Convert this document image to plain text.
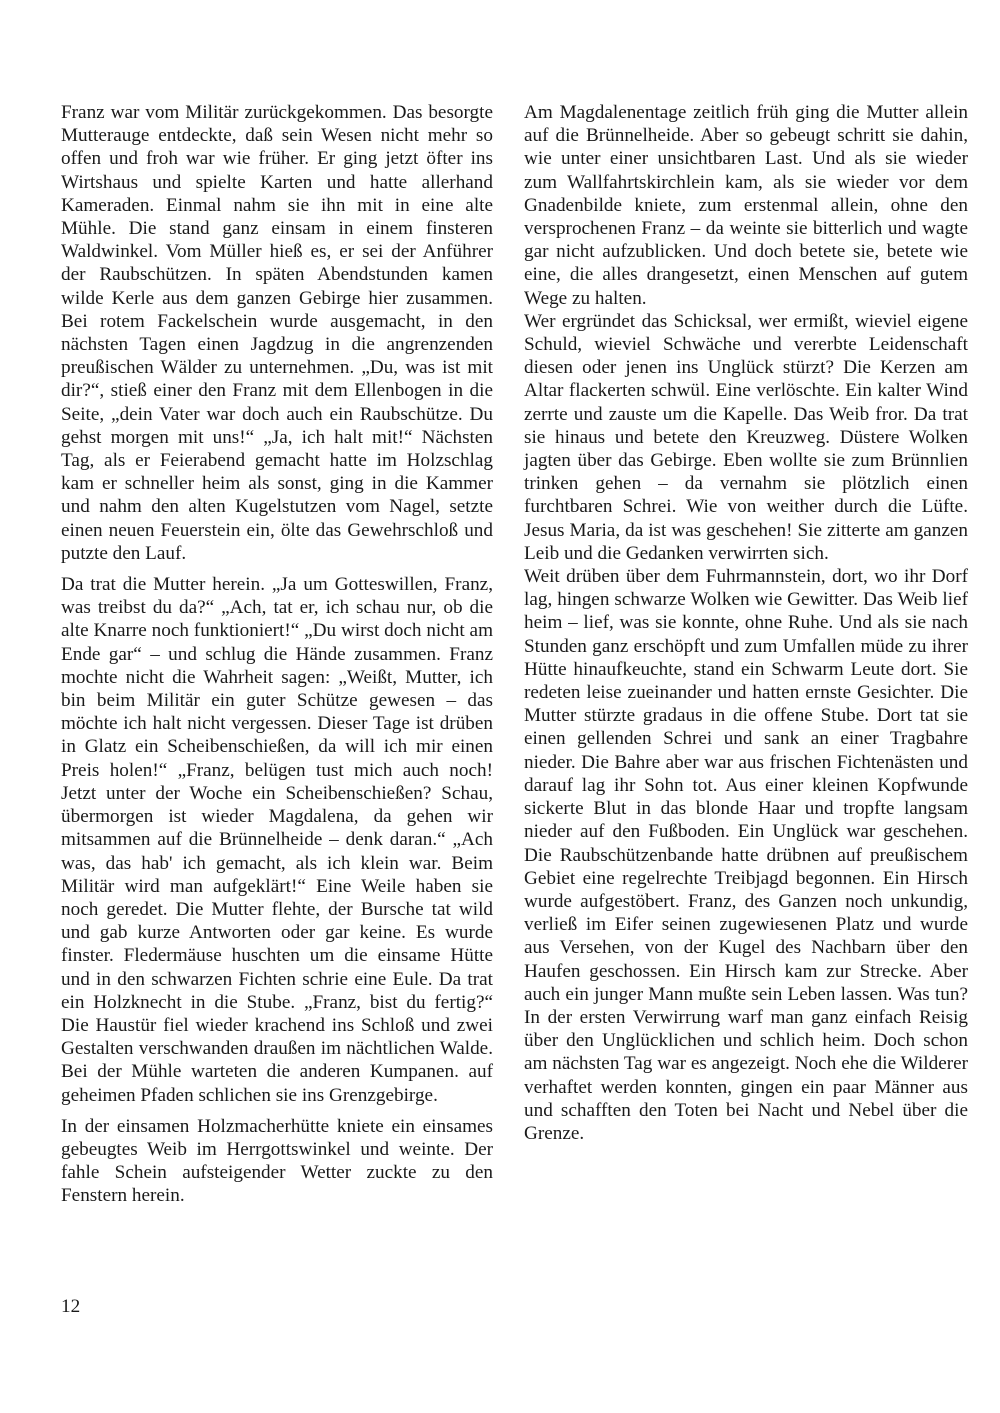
Franz war vom Militär zurückgekommen. Das besorgte Mutterauge entdeckte, daß sein Wesen nicht mehr so offen und froh war wie früher. Er ging jetzt öfter ins Wirtshaus und spielte Karten und hatte allerhand Kameraden. Einmal nahm sie ihn mit in eine alte Mühle. Die stand ganz einsam in einem finsteren Waldwinkel. Vom Müller hieß es, er sei der Anführer der Raubschützen. In späten Abendstunden kamen wilde Kerle aus dem ganzen Gebirge hier zusammen. Bei rotem Fackelschein wurde ausgemacht, in den nächsten Tagen einen Jagdzug in die angrenzenden preußischen Wälder zu unternehmen. „Du, was ist mit dir?“, stieß einer den Franz mit dem Ellenbogen in die Seite, „dein Vater war doch auch ein Raubschütze. Du gehst morgen mit uns!“ „Ja, ich halt mit!“ Nächsten Tag, als er Feierabend gemacht hatte im Holzschlag kam er schneller heim als sonst, ging in die Kammer und nahm den alten Kugelstutzen vom Nagel, setzte einen neuen Feuerstein ein, ölte das Gewehrschloß und putzte den Lauf.

Da trat die Mutter herein. „Ja um Gotteswillen, Franz, was treibst du da?“ „Ach, tat er, ich schau nur, ob die alte Knarre noch funktioniert!“ „Du wirst doch nicht am Ende gar“ – und schlug die Hände zusammen. Franz mochte nicht die Wahrheit sagen: „Weißt, Mutter, ich bin beim Militär ein guter Schütze gewesen – das möchte ich halt nicht vergessen. Dieser Tage ist drüben in Glatz ein Scheibenschießen, da will ich mir einen Preis holen!“ „Franz, belügen tust mich auch noch! Jetzt unter der Woche ein Scheibenschießen? Schau, übermorgen ist wieder Magdalena, da gehen wir mitsammen auf die Brünnelheide – denk daran.“ „Ach was, das hab' ich gemacht, als ich klein war. Beim Militär wird man aufgeklärt!“ Eine Weile haben sie noch geredet. Die Mutter flehte, der Bursche tat wild und gab kurze Antworten oder gar keine. Es wurde finster. Fledermäuse huschten um die einsame Hütte und in den schwarzen Fichten schrie eine Eule. Da trat ein Holzknecht in die Stube. „Franz, bist du fertig?“ Die Haustür fiel wieder krachend ins Schloß und zwei Gestalten verschwanden draußen im nächtlichen Walde. Bei der Mühle warteten die anderen Kumpanen. auf geheimen Pfaden schlichen sie ins Grenzgebirge.

In der einsamen Holzmacherhütte kniete ein einsames gebeugtes Weib im Herrgottswinkel und weinte. Der fahle Schein aufsteigender Wetter zuckte zu den Fenstern herein.

Am Magdalenentage zeitlich früh ging die Mutter allein auf die Brünnelheide. Aber so gebeugt schritt sie dahin, wie unter einer unsichtbaren Last. Und als sie wieder zum Wallfahrtskirchlein kam, als sie wieder vor dem Gnadenbilde kniete, zum erstenmal allein, ohne den versprochenen Franz – da weinte sie bitterlich und wagte gar nicht aufzublicken. Und doch betete sie, betete wie eine, die alles drangesetzt, einen Menschen auf gutem Wege zu halten.

Wer ergründet das Schicksal, wer ermißt, wieviel eigene Schuld, wieviel Schwäche und vererbte Leidenschaft diesen oder jenen ins Unglück stürzt? Die Kerzen am Altar flackerten schwül. Eine verlöschte. Ein kalter Wind zerrte und zauste um die Kapelle. Das Weib fror. Da trat sie hinaus und betete den Kreuzweg. Düstere Wolken jagten über das Gebirge. Eben wollte sie zum Brünnlien trinken gehen – da vernahm sie plötzlich einen furchtbaren Schrei. Wie von weither durch die Lüfte. Jesus Maria, da ist was geschehen! Sie zitterte am ganzen Leib und die Gedanken verwirrten sich.

Weit drüben über dem Fuhrmannstein, dort, wo ihr Dorf lag, hingen schwarze Wolken wie Gewitter. Das Weib lief heim – lief, was sie konnte, ohne Ruhe. Und als sie nach Stunden ganz erschöpft und zum Umfallen müde zu ihrer Hütte hinaufkeuchte, stand ein Schwarm Leute dort. Sie redeten leise zueinander und hatten ernste Gesichter. Die Mutter stürzte gradaus in die offene Stube. Dort tat sie einen gellenden Schrei und sank an einer Tragbahre nieder. Die Bahre aber war aus frischen Fichtenästen und darauf lag ihr Sohn tot. Aus einer kleinen Kopfwunde sickerte Blut in das blonde Haar und tropfte langsam nieder auf den Fußboden. Ein Unglück war geschehen. Die Raubschützenbande hatte drübnen auf preußischem Gebiet eine regelrechte Treibjagd begonnen. Ein Hirsch wurde aufgestöbert. Franz, des Ganzen noch unkundig, verließ im Eifer seinen zugewiesenen Platz und wurde aus Versehen, von der Kugel des Nachbarn über den Haufen geschossen. Ein Hirsch kam zur Strecke. Aber auch ein junger Mann mußte sein Leben lassen. Was tun? In der ersten Verwirrung warf man ganz einfach Reisig über den Unglücklichen und schlich heim. Doch schon am nächsten Tag war es angezeigt. Noch ehe die Wilderer verhaftet werden konnten, gingen ein paar Männer aus und schafften den Toten bei Nacht und Nebel über die Grenze.

12
